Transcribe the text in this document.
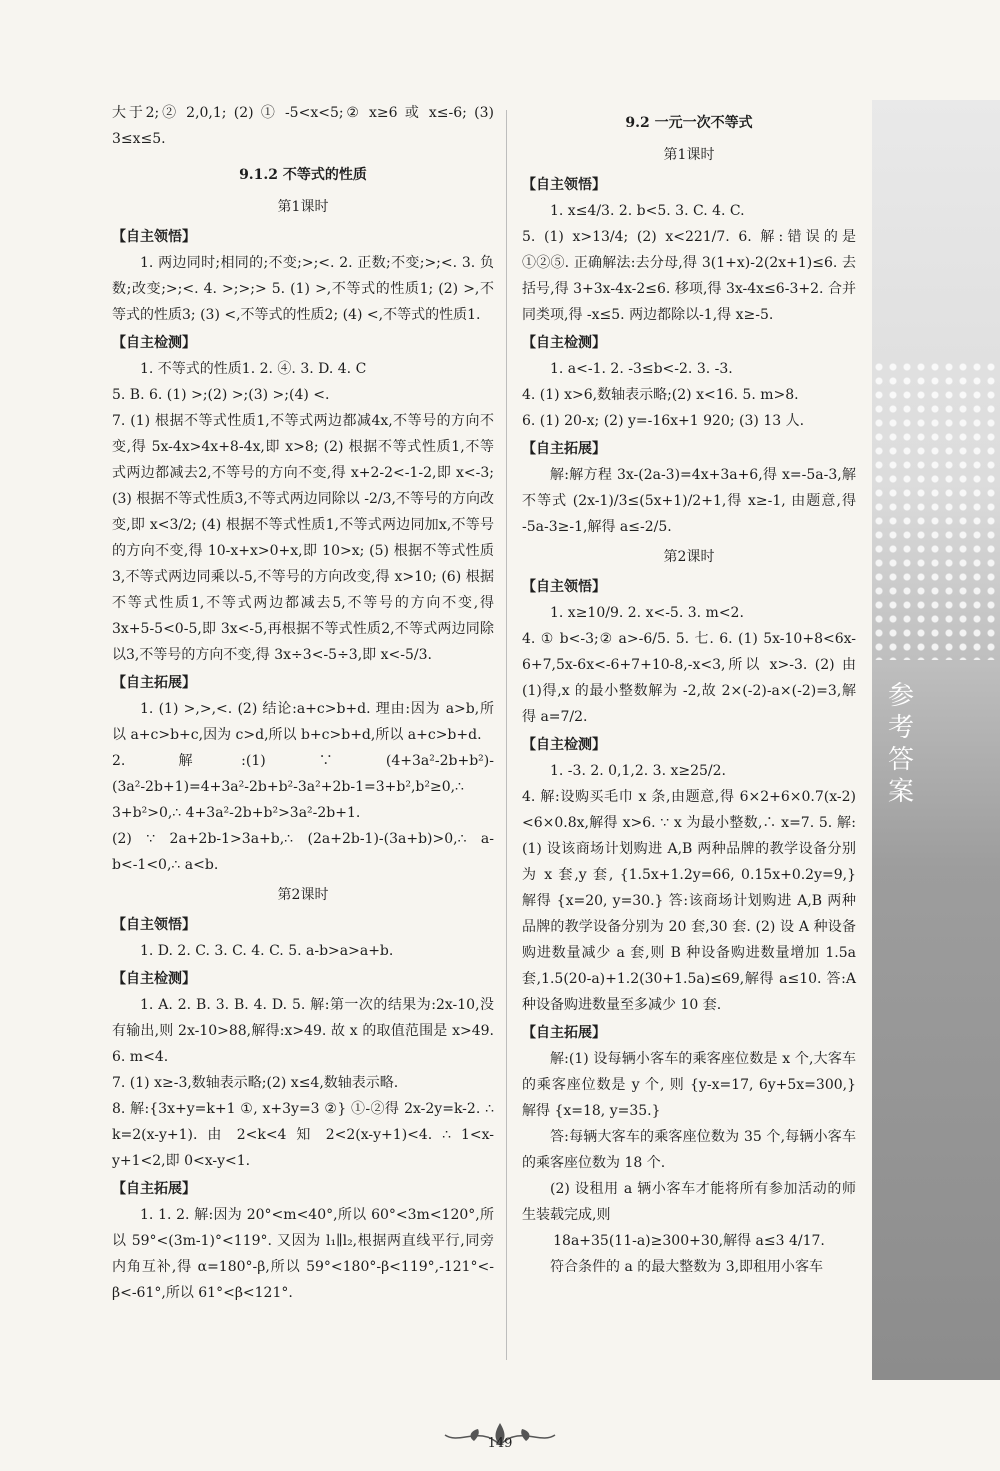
大于2;② 2,0,1; (2) ① -5<x<5;② x≥6 或 x≤-6; (3) 3≤x≤5.
9.1.2 不等式的性质
第1课时
【自主领悟】
1. 两边同时;相同的;不变;>;<. 2. 正数;不变;>;<. 3. 负数;改变;>;<. 4. >;>;> 5. (1) >,不等式的性质1; (2) >,不等式的性质3; (3) <,不等式的性质2; (4) <,不等式的性质1.
【自主检测】
1. 不等式的性质1. 2. ④. 3. D. 4. C
5. B. 6. (1) >;(2) >;(3) >;(4) <.
7. (1) 根据不等式性质1,不等式两边都减4x,不等号的方向不变,得 5x-4x>4x+8-4x,即 x>8; (2) 根据不等式性质1,不等式两边都减去2,不等号的方向不变,得 x+2-2<-1-2,即 x<-3; (3) 根据不等式性质3,不等式两边同除以 -2/3,不等号的方向改变,即 x<3/2; (4) 根据不等式性质1,不等式两边同加x,不等号的方向不变,得 10-x+x>0+x,即 10>x; (5) 根据不等式性质3,不等式两边同乘以-5,不等号的方向改变,得 x>10; (6) 根据不等式性质1,不等式两边都减去5,不等号的方向不变,得 3x+5-5<0-5,即 3x<-5,再根据不等式性质2,不等式两边同除以3,不等号的方向不变,得 3x÷3<-5÷3,即 x<-5/3.
【自主拓展】
1. (1) >,>,<. (2) 结论:a+c>b+d. 理由:因为 a>b,所以 a+c>b+c,因为 c>d,所以 b+c>b+d,所以 a+c>b+d.
2. 解:(1) ∵ (4+3a²-2b+b²)-(3a²-2b+1)=4+3a²-2b+b²-3a²+2b-1=3+b²,b²≥0,∴ 3+b²>0,∴ 4+3a²-2b+b²>3a²-2b+1.
(2) ∵ 2a+2b-1>3a+b,∴ (2a+2b-1)-(3a+b)>0,∴ a-b<-1<0,∴ a<b.
第2课时
【自主领悟】
1. D. 2. C. 3. C. 4. C. 5. a-b>a>a+b.
【自主检测】
1. A. 2. B. 3. B. 4. D. 5. 解:第一次的结果为:2x-10,没有输出,则 2x-10>88,解得:x>49. 故 x 的取值范围是 x>49. 6. m<4.
7. (1) x≥-3,数轴表示略;(2) x≤4,数轴表示略.
8. 解:{3x+y=k+1 ①, x+3y=3 ②} ①-②得 2x-2y=k-2. ∴ k=2(x-y+1). 由 2<k<4 知 2<2(x-y+1)<4. ∴ 1<x-y+1<2,即 0<x-y<1.
【自主拓展】
1. 1. 2. 解:因为 20°<m<40°,所以 60°<3m<120°,所以 59°<(3m-1)°<119°. 又因为 l₁∥l₂,根据两直线平行,同旁内角互补,得 α=180°-β,所以 59°<180°-β<119°,-121°<-β<-61°,所以 61°<β<121°.
9.2 一元一次不等式
第1课时
【自主领悟】
1. x≤4/3. 2. b<5. 3. C. 4. C.
5. (1) x>13/4; (2) x<221/7. 6. 解:错误的是①②⑤. 正确解法:去分母,得 3(1+x)-2(2x+1)≤6. 去括号,得 3+3x-4x-2≤6. 移项,得 3x-4x≤6-3+2. 合并同类项,得 -x≤5. 两边都除以-1,得 x≥-5.
【自主检测】
1. a<-1. 2. -3≤b<-2. 3. -3.
4. (1) x>6,数轴表示略;(2) x<16. 5. m>8.
6. (1) 20-x; (2) y=-16x+1 920; (3) 13 人.
【自主拓展】
解:解方程 3x-(2a-3)=4x+3a+6,得 x=-5a-3,解不等式 (2x-1)/3≤(5x+1)/2+1,得 x≥-1, 由题意,得 -5a-3≥-1,解得 a≤-2/5.
第2课时
【自主领悟】
1. x≥10/9. 2. x<-5. 3. m<2.
4. ① b<-3;② a>-6/5. 5. 七. 6. (1) 5x-10+8<6x-6+7,5x-6x<-6+7+10-8,-x<3,所以 x>-3. (2) 由(1)得,x 的最小整数解为 -2,故 2×(-2)-a×(-2)=3,解得 a=7/2.
【自主检测】
1. -3. 2. 0,1,2. 3. x≥25/2.
4. 解:设购买毛巾 x 条,由题意,得 6×2+6×0.7(x-2)<6×0.8x,解得 x>6. ∵ x 为最小整数,∴ x=7. 5. 解:(1) 设该商场计划购进 A,B 两种品牌的教学设备分别为 x 套,y 套, {1.5x+1.2y=66, 0.15x+0.2y=9,} 解得 {x=20, y=30.} 答:该商场计划购进 A,B 两种品牌的教学设备分别为 20 套,30 套. (2) 设 A 种设备购进数量减少 a 套,则 B 种设备购进数量增加 1.5a 套,1.5(20-a)+1.2(30+1.5a)≤69,解得 a≤10. 答:A 种设备购进数量至多减少 10 套.
【自主拓展】
解:(1) 设每辆小客车的乘客座位数是 x 个,大客车的乘客座位数是 y 个, 则 {y-x=17, 6y+5x=300,} 解得 {x=18, y=35.}
答:每辆大客车的乘客座位数为 35 个,每辆小客车的乘客座位数为 18 个.
(2) 设租用 a 辆小客车才能将所有参加活动的师生装载完成,则
18a+35(11-a)≥300+30,解得 a≤3 4/17.
符合条件的 a 的最大整数为 3,即租用小客车
参考答案
149
